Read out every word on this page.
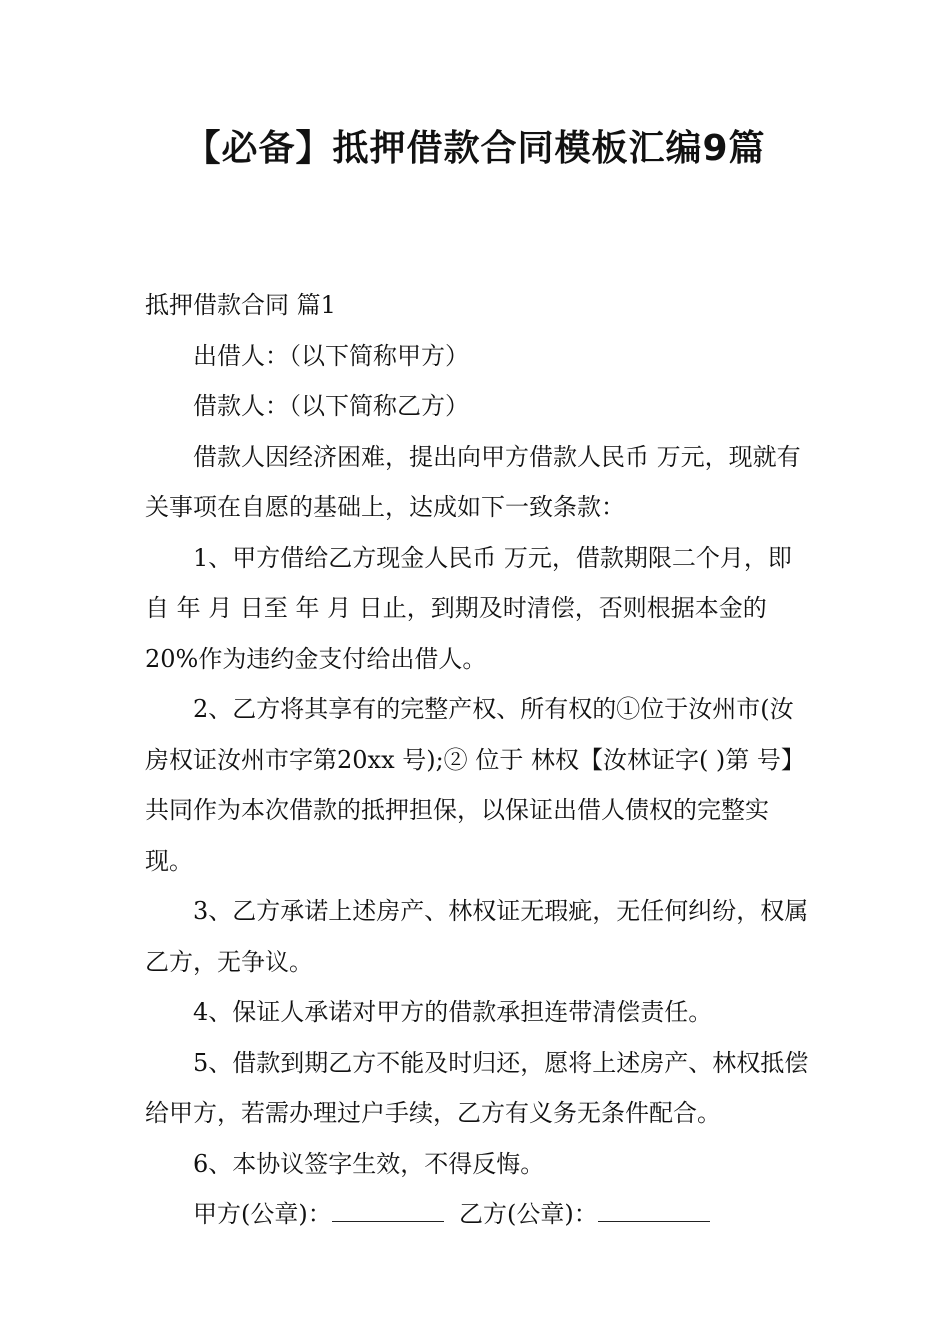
【必备】抵押借款合同模板汇编9篇

抵押借款合同 篇1

出借人：（以下简称甲方）

借款人：（以下简称乙方）

借款人因经济困难，提出向甲方借款人民币 万元，现就有关事项在自愿的基础上，达成如下一致条款：

1、甲方借给乙方现金人民币 万元，借款期限二个月，即自 年 月 日至 年 月 日止，到期及时清偿，否则根据本金的20%作为违约金支付给出借人。

2、乙方将其享有的完整产权、所有权的①位于汝州市(汝房权证汝州市字第20xx 号);② 位于 林权【汝林证字( )第 号】共同作为本次借款的抵押担保，以保证出借人债权的完整实现。

3、乙方承诺上述房产、林权证无瑕疵，无任何纠纷，权属乙方，无争议。

4、保证人承诺对甲方的借款承担连带清偿责任。

5、借款到期乙方不能及时归还，愿将上述房产、林权抵偿给甲方，若需办理过户手续，乙方有义务无条件配合。

6、本协议签字生效，不得反悔。

甲方(公章)：	乙方(公章)：
